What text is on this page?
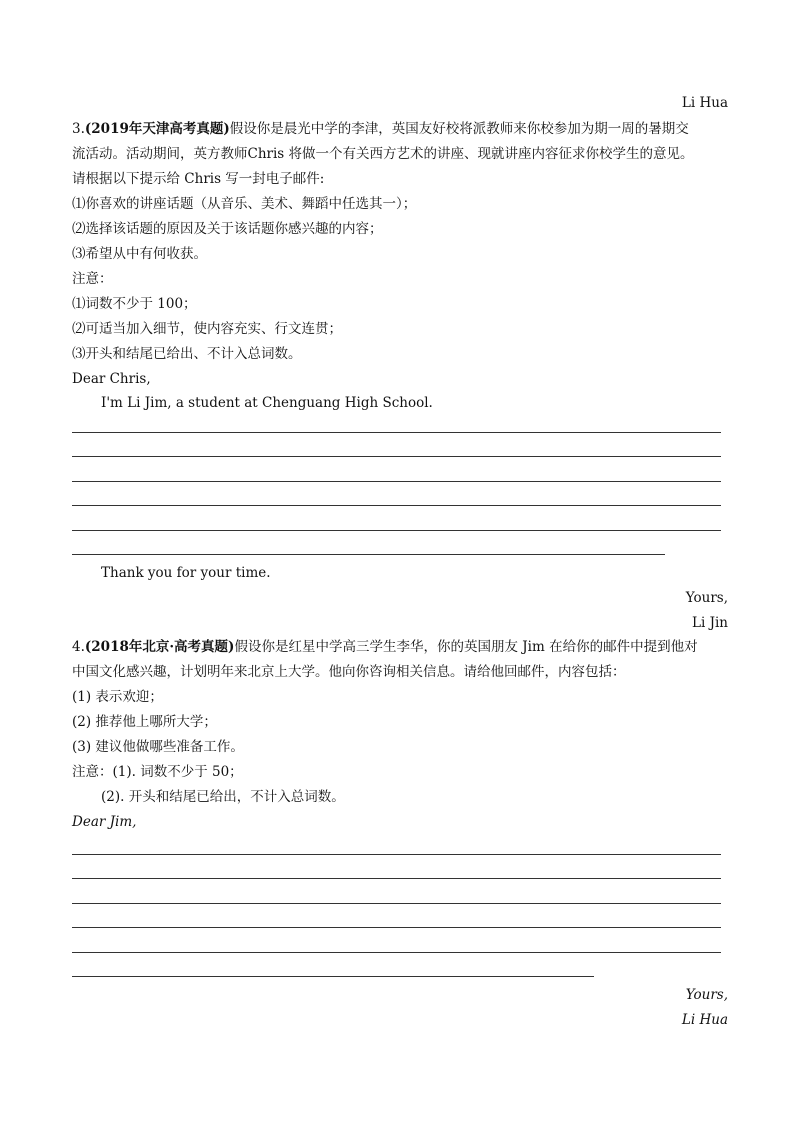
Li Hua
3.(2019年天津高考真题)假设你是晨光中学的李津，英国友好校将派教师来你校参加为期一周的暑期交
流活动。活动期间，英方教师Chris 将做一个有关西方艺术的讲座、现就讲座内容征求你校学生的意见。
请根据以下提示给 Chris 写一封电子邮件:
⑴你喜欢的讲座话题（从音乐、美术、舞蹈中任选其一）；
⑵选择该话题的原因及关于该话题你感兴趣的内容；
⑶希望从中有何收获。
注意：
⑴词数不少于 100；
⑵可适当加入细节，使内容充实、行文连贯；
⑶开头和结尾已给出、不计入总词数。
Dear Chris,
I'm Li Jim, a student at Chenguang High School.
Thank you for your time.
Yours,
Li Jin
4.(2018年北京·高考真题)假设你是红星中学高三学生李华，你的英国朋友 Jim 在给你的邮件中提到他对
中国文化感兴趣，计划明年来北京上大学。他向你咨询相关信息。请给他回邮件，内容包括：
(1) 表示欢迎；
(2) 推荐他上哪所大学；
(3) 建议他做哪些准备工作。
注意：(1). 词数不少于 50；
(2). 开头和结尾已给出，不计入总词数。
Dear Jim,
Yours,
Li Hua
